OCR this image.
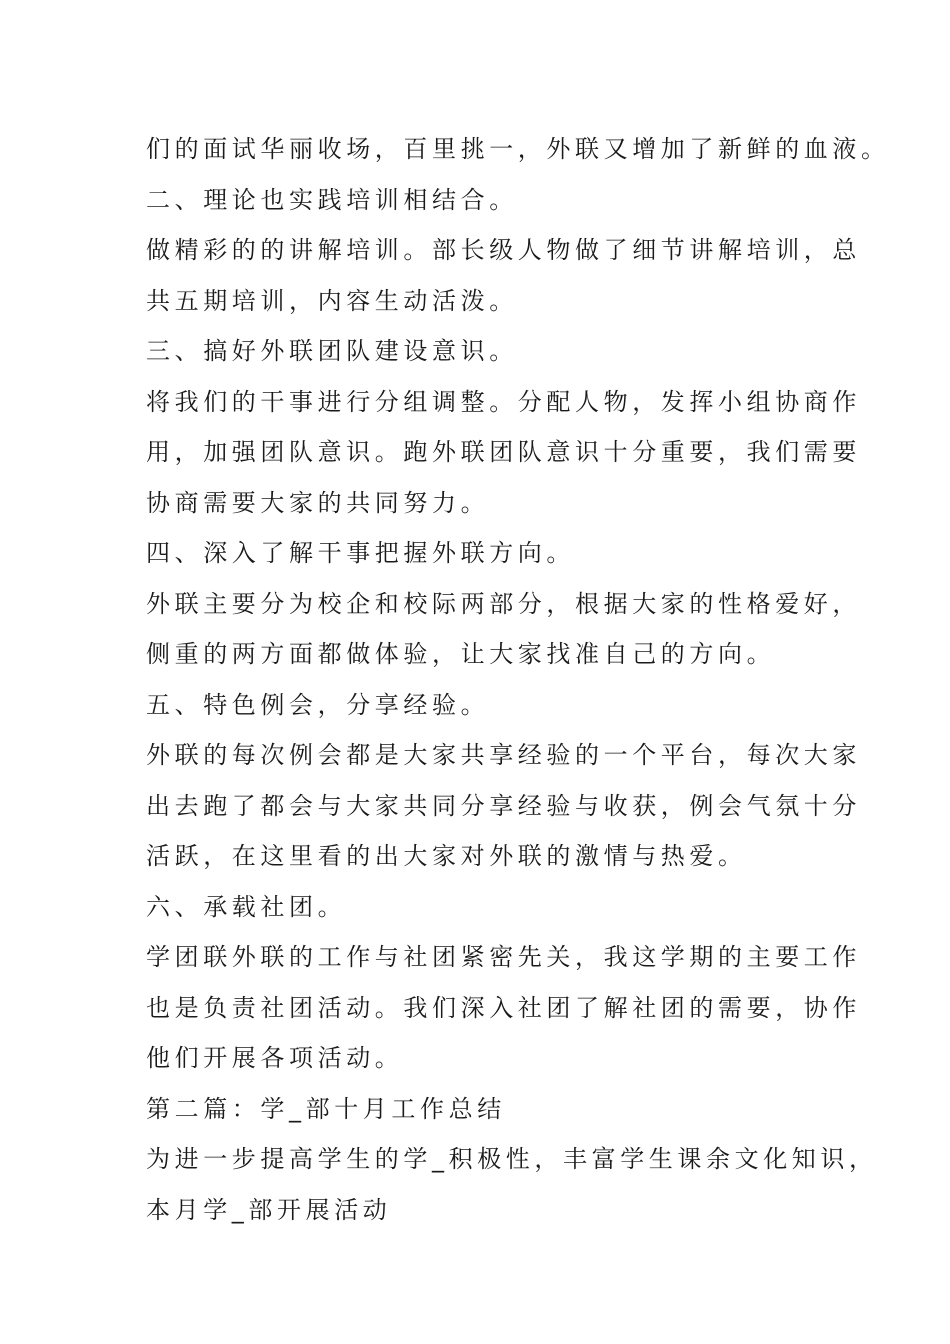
们的面试华丽收场，百里挑一，外联又增加了新鲜的血液。
二、理论也实践培训相结合。
做精彩的的讲解培训。部长级人物做了细节讲解培训，总
共五期培训，内容生动活泼。
三、搞好外联团队建设意识。
将我们的干事进行分组调整。分配人物，发挥小组协商作
用，加强团队意识。跑外联团队意识十分重要，我们需要
协商需要大家的共同努力。
四、深入了解干事把握外联方向。
外联主要分为校企和校际两部分，根据大家的性格爱好，
侧重的两方面都做体验，让大家找准自己的方向。
五、特色例会，分享经验。
外联的每次例会都是大家共享经验的一个平台，每次大家
出去跑了都会与大家共同分享经验与收获，例会气氛十分
活跃，在这里看的出大家对外联的激情与热爱。
六、承载社团。
学团联外联的工作与社团紧密先关，我这学期的主要工作
也是负责社团活动。我们深入社团了解社团的需要，协作
他们开展各项活动。
第二篇：学_部十月工作总结
为进一步提高学生的学_积极性，丰富学生课余文化知识，
本月学_部开展活动
